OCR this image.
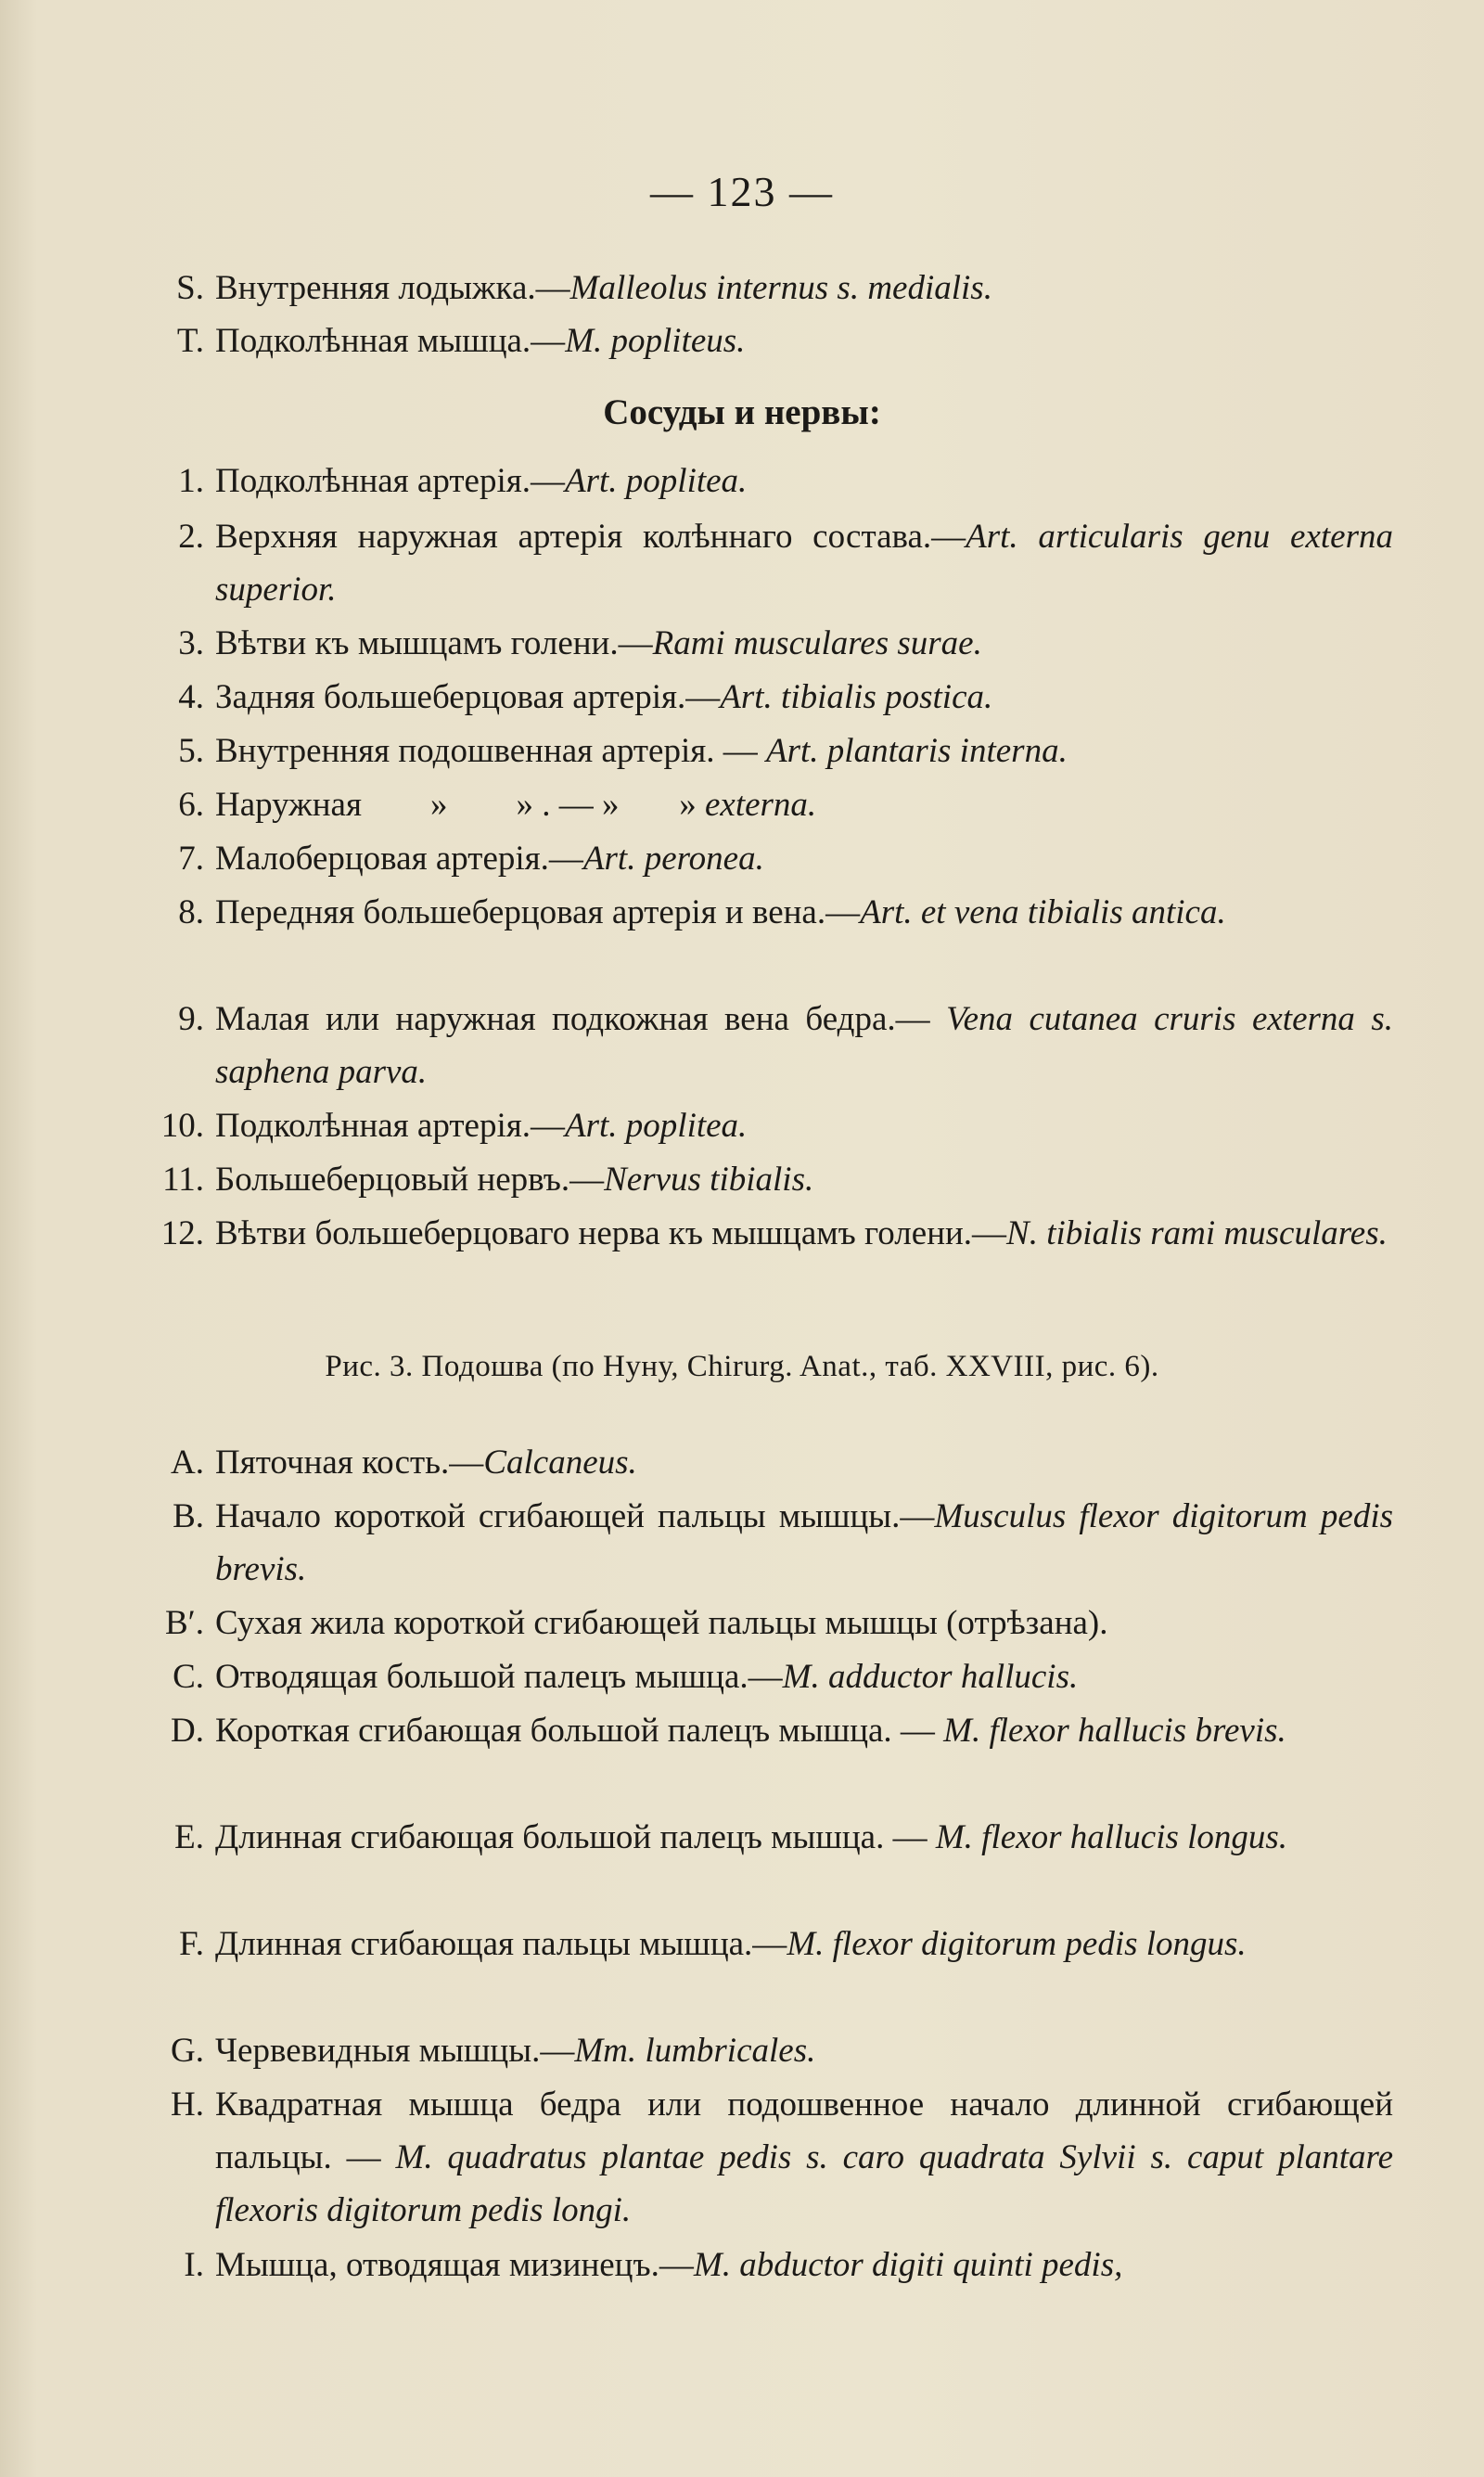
— 123 —
S. Внутренняя лодыжка.—Malleolus internus s. medialis.
T. Подколѣнная мышца.—M. popliteus.
Сосуды и нервы:
1. Подколѣнная артерія.—Art. poplitea.
2. Верхняя наружная артерія колѣннаго состава.—Art. articularis genu externa superior.
3. Вѣтви къ мышцамъ голени.—Rami musculares surae.
4. Задняя большеберцовая артерія.—Art. tibialis postica.
5. Внутренняя подошвенная артерія. — Art. plantaris interna.
6. Наружная        »        » . — »       » externa.
7. Малоберцовая артерія.—Art. peronea.
8. Передняя большеберцовая артерія и вена.—Art. et vena tibialis antica.
9. Малая или наружная подкожная вена бедра.— Vena cutanea cruris externa s. saphena parva.
10. Подколѣнная артерія.—Art. poplitea.
11. Большеберцовый нервъ.—Nervus tibialis.
12. Вѣтви большеберцоваго нерва къ мышцамъ голени.—N. tibialis rami musculares.
Рис. 3. Подошва (по Нуну, Chirurg. Anat., таб. XXVIII, рис. 6).
A. Пяточная кость.—Calcaneus.
B. Начало короткой сгибающей пальцы мышцы.—Musculus flexor digitorum pedis brevis.
B′. Сухая жила короткой сгибающей пальцы мышцы (отрѣзана).
C. Отводящая большой палецъ мышца.—M. adductor hallucis.
D. Короткая сгибающая большой палецъ мышца. — M. flexor hallucis brevis.
E. Длинная сгибающая большой палецъ мышца. — M. flexor hallucis longus.
F. Длинная сгибающая пальцы мышца.—M. flexor digitorum pedis longus.
G. Червевидныя мышцы.—Mm. lumbricales.
H. Квадратная мышца бедра или подошвенное начало длинной сгибающей пальцы. — M. quadratus plantae pedis s. caro quadrata Sylvii s. caput plantare flexoris digitorum pedis longi.
I. Мышца, отводящая мизинецъ.—M. abductor digiti quinti pedis,
